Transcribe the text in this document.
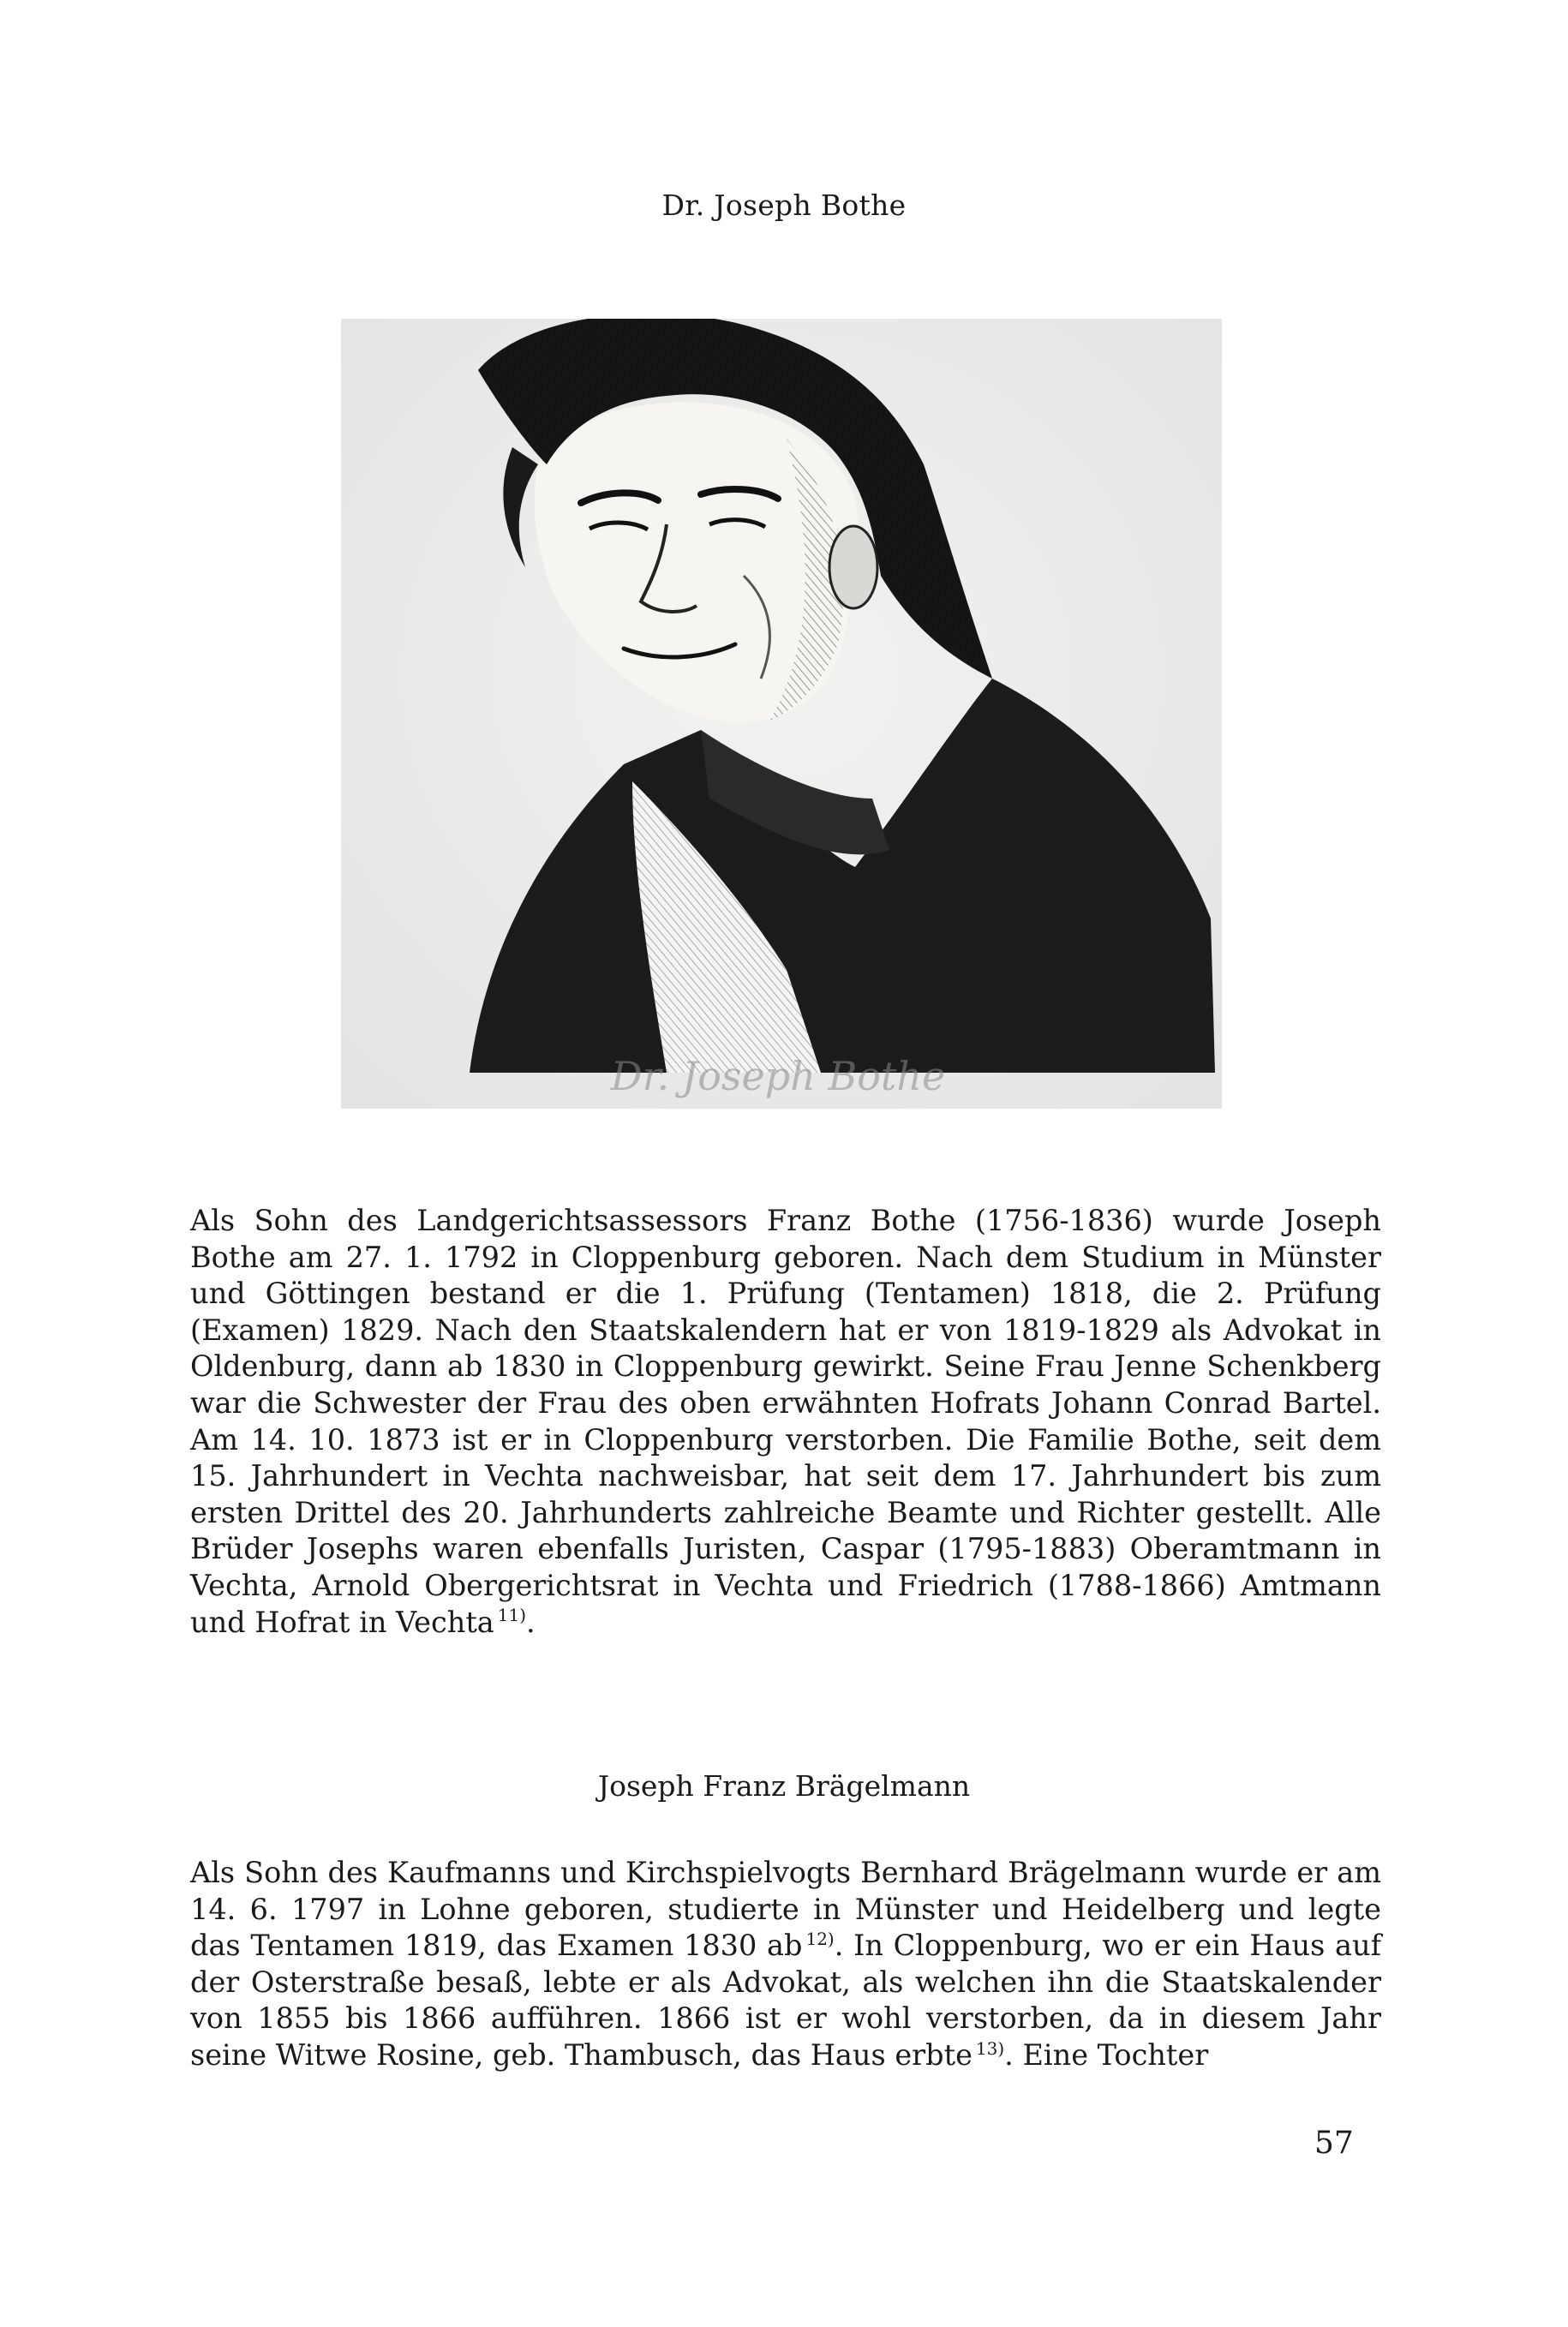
Dr. Joseph Bothe
Dr. Joseph Bothe

Als Sohn des Landgerichtsassessors Franz Bothe (1756-1836) wurde Joseph Bothe am 27. 1. 1792 in Cloppenburg geboren. Nach dem Studium in Münster und Göttingen bestand er die 1. Prüfung (Tentamen) 1818, die 2. Prüfung (Examen) 1829. Nach den Staatskalendern hat er von 1819-1829 als Advokat in Oldenburg, dann ab 1830 in Cloppenburg gewirkt. Seine Frau Jenne Schenkberg war die Schwester der Frau des oben erwähnten Hofrats Johann Conrad Bartel. Am 14. 10. 1873 ist er in Cloppenburg verstorben. Die Familie Bothe, seit dem 15. Jahrhundert in Vechta nachweisbar, hat seit dem 17. Jahrhundert bis zum ersten Drittel des 20. Jahrhunderts zahlreiche Beamte und Richter gestellt. Alle Brüder Josephs waren ebenfalls Juristen, Caspar (1795-1883) Oberamtmann in Vechta, Arnold Obergerichtsrat in Vechta und Friedrich (1788-1866) Amtmann und Hofrat in Vechta $^{11)}$.

Joseph Franz Brägelmann

Als Sohn des Kaufmanns und Kirchspielvogts Bernhard Brägelmann wurde er am 14. 6. 1797 in Lohne geboren, studierte in Münster und Heidelberg und legte das Tentamen 1819, das Examen 1830 ab $^{12)}$. In Cloppenburg, wo er ein Haus auf der Osterstraße besaß, lebte er als Advokat, als welchen ihn die Staatskalender von 1855 bis 1866 aufführen. 1866 ist er wohl verstorben, da in diesem Jahr seine Witwe Rosine, geb. Thambusch, das Haus erbte $^{13)}$. Eine Tochter

57
